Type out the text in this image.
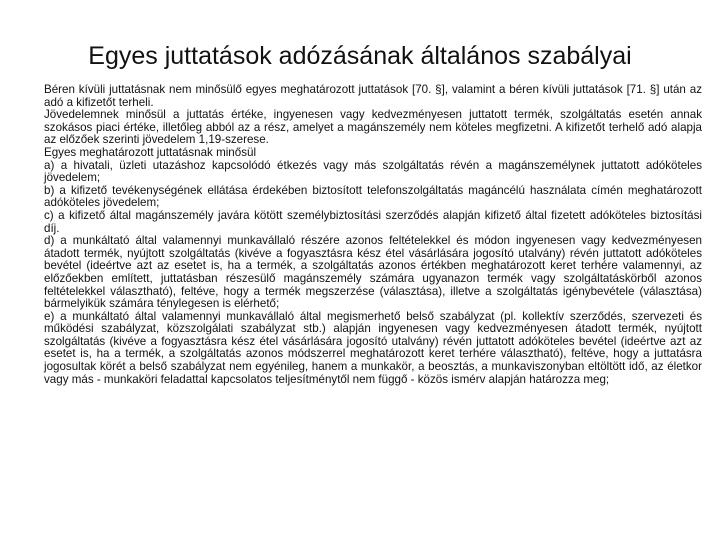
Egyes juttatások adózásának általános szabályai

Béren kívüli juttatásnak nem minősülő egyes meghatározott juttatások [70. §], valamint a béren kívüli juttatások [71. §] után az adó a kifizetőt terheli.

Jövedelemnek minősül a juttatás értéke, ingyenesen vagy kedvezményesen juttatott termék, szolgáltatás esetén annak szokásos piaci értéke, illetőleg abból az a rész, amelyet a magánszemély nem köteles megfizetni. A kifizetőt terhelő adó alapja az előzőek szerinti jövedelem 1,19-szerese.

Egyes meghatározott juttatásnak minősül

a) a hivatali, üzleti utazáshoz kapcsolódó étkezés vagy más szolgáltatás révén a magánszemélynek juttatott adóköteles jövedelem;

b) a kifizető tevékenységének ellátása érdekében biztosított telefonszolgáltatás magáncélú használata címén meghatározott adóköteles jövedelem;

c) a kifizető által magánszemély javára kötött személybiztosítási szerződés alapján kifizető által fizetett adóköteles biztosítási díj.

d) a munkáltató által valamennyi munkavállaló részére azonos feltételekkel és módon ingyenesen vagy kedvezményesen átadott termék, nyújtott szolgáltatás (kivéve a fogyasztásra kész étel vásárlására jogosító utalvány) révén juttatott adóköteles bevétel (ideértve azt az esetet is, ha a termék, a szolgáltatás azonos értékben meghatározott keret terhére valamennyi, az előzőekben említett, juttatásban részesülő magánszemély számára ugyanazon termék vagy szolgáltatáskörből azonos feltételekkel választható), feltéve, hogy a termék megszerzése (választása), illetve a szolgáltatás igénybevétele (választása) bármelyikük számára ténylegesen is elérhető;

e) a munkáltató által valamennyi munkavállaló által megismerhető belső szabályzat (pl. kollektív szerződés, szervezeti és működési szabályzat, közszolgálati szabályzat stb.) alapján ingyenesen vagy kedvezményesen átadott termék, nyújtott szolgáltatás (kivéve a fogyasztásra kész étel vásárlására jogosító utalvány) révén juttatott adóköteles bevétel (ideértve azt az esetet is, ha a termék, a szolgáltatás azonos módszerrel meghatározott keret terhére választható), feltéve, hogy a juttatásra jogosultak körét a belső szabályzat nem egyénileg, hanem a munkakör, a beosztás, a munkaviszonyban eltöltött idő, az életkor vagy más - munkaköri feladattal kapcsolatos teljesítménytől nem függő - közös ismérv alapján határozza meg;
